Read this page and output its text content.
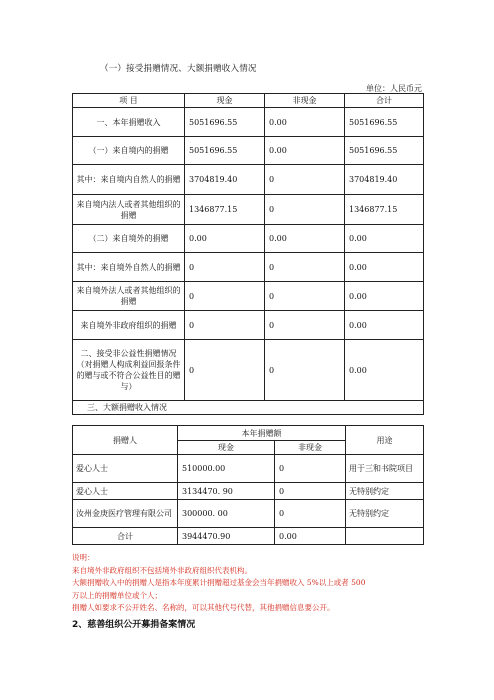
（一）接受捐赠情况、大额捐赠收入情况
单位：人民币元
项 目	现金	非现金	合计
一、本年捐赠收入	5051696.55	0.00	5051696.55
（一）来自境内的捐赠	5051696.55	0.00	5051696.55
其中：来自境内自然人的捐赠	3704819.40	0	3704819.40
来自境内法人或者其他组织的捐赠	1346877.15	0	1346877.15
（二）来自境外的捐赠	0.00	0.00	0.00
其中：来自境外自然人的捐赠	0	0	0.00
来自境外法人或者其他组织的捐赠	0	0	0.00
来自境外非政府组织的捐赠	0	0	0.00
二、接受非公益性捐赠情况（对捐赠人构成利益回报条件的赠与或不符合公益性目的赠与）	0	0	0.00
三、大额捐赠收入情况			
捐赠人	本年捐赠额		用途
	现金	非现金	
爱心人士	510000.00	0	用于三和书院项目
爱心人士	3134470. 90	0	无特别约定
汝州金庚医疗管理有限公司	300000. 00	0	无特别约定
合计	3944470.90	0.00	
说明：
来自境外非政府组织不包括境外非政府组织代表机构。
大额捐赠收入中的捐赠人是指本年度累计捐赠超过基金会当年捐赠收入 5%以上或者 500
万以上的捐赠单位或个人；
捐赠人如要求不公开姓名、名称的，可以其他代号代替，其他捐赠信息要公开。
2、慈善组织公开募捐备案情况
